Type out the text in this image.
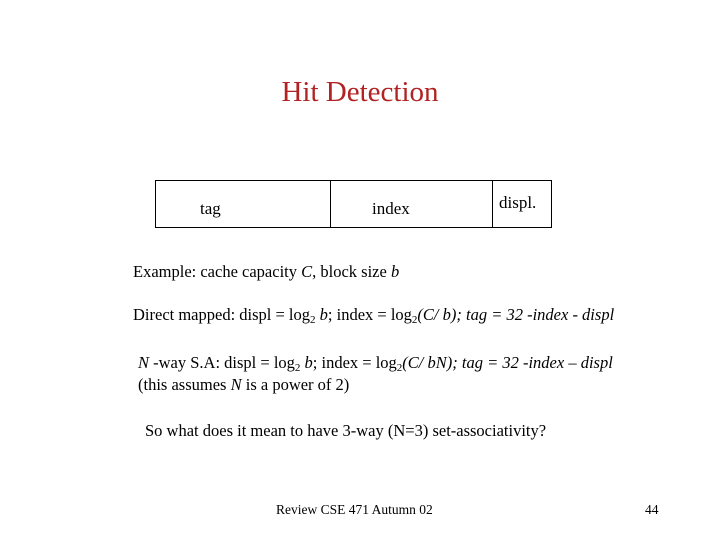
Hit Detection
tag	index	displ.
Example: cache capacity C, block size b
Direct mapped: displ = $\log_2 b$; index = $\log_2(C/$ b); tag = 32 -index - displ
N -way S.A: displ = $\log_2 b$; index = $\log_2(C/$ bN); tag = 32 -index – displ
(this assumes N is a power of 2)
So what does it mean to have 3-way (N=3) set-associativity?
Review CSE 471 Autumn 02	44
